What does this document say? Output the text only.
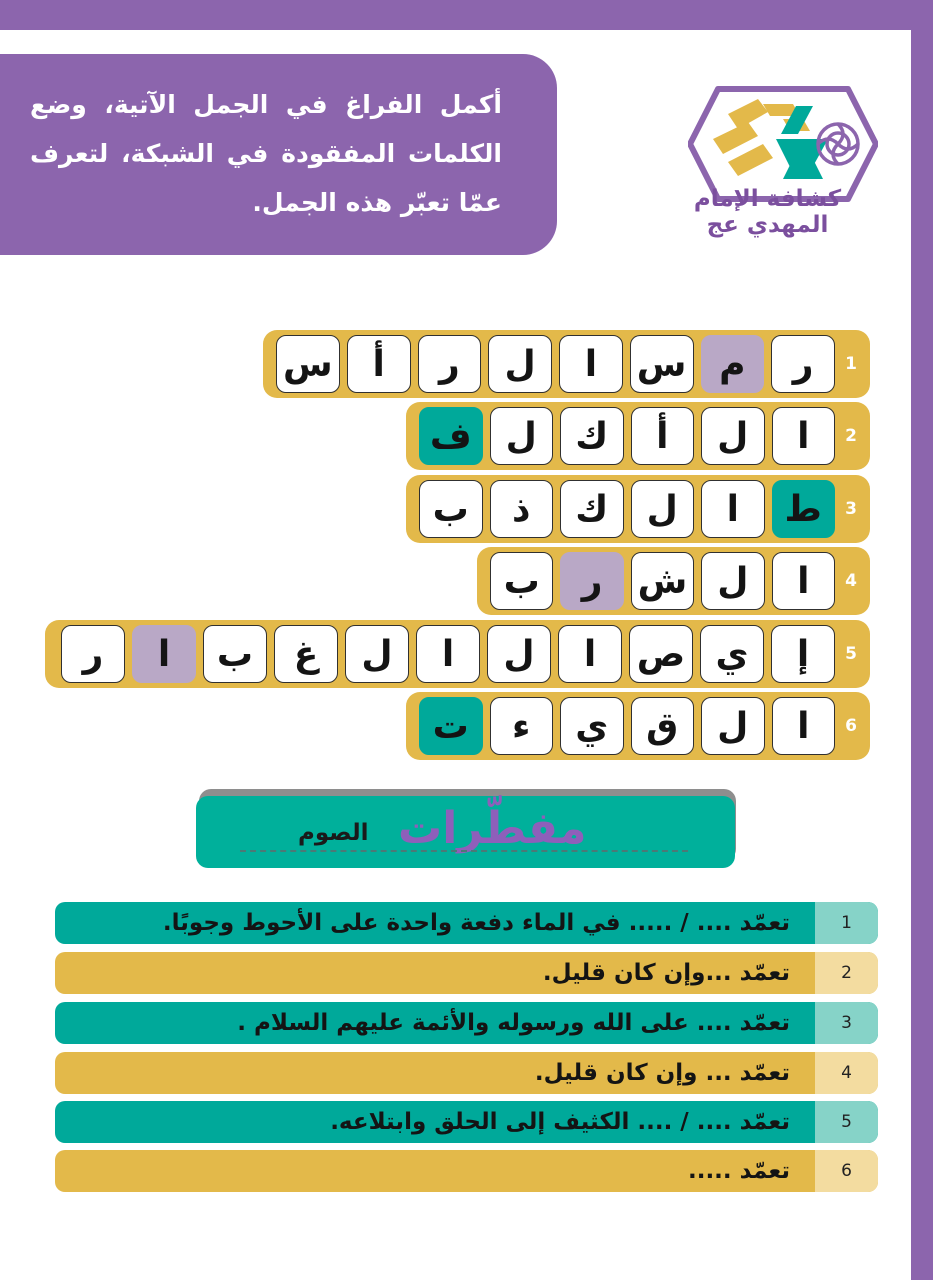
أكمل الفراغ في الجمل الآتية، وضع الكلمات المفقودة في الشبكة، لتعرف عمّا تعبّر هذه الجمل.	كشافة الإمام المهدي عج
1
ر
م
س
ا
ل
ر
أ
س
2
ا
ل
أ
ك
ل
ف
3
ط
ا
ل
ك
ذ
ب
4
ا
ل
ش
ر
ب
5
إ
ي
ص
ا
ل
ا
ل
غ
ب
ا
ر
6
ا
ل
ق
ي
ء
ت
مفطّرات
الصوم
1
تعمّد .... / ..... في الماء دفعة واحدة على الأحوط وجوبًا.
2
تعمّد ...وإن كان قليل.
3
تعمّد .... على الله ورسوله والأئمة عليهم السلام .
4
تعمّد ... وإن كان قليل.
5
تعمّد .... / .... الكثيف إلى الحلق وابتلاعه.
6
تعمّد .....
